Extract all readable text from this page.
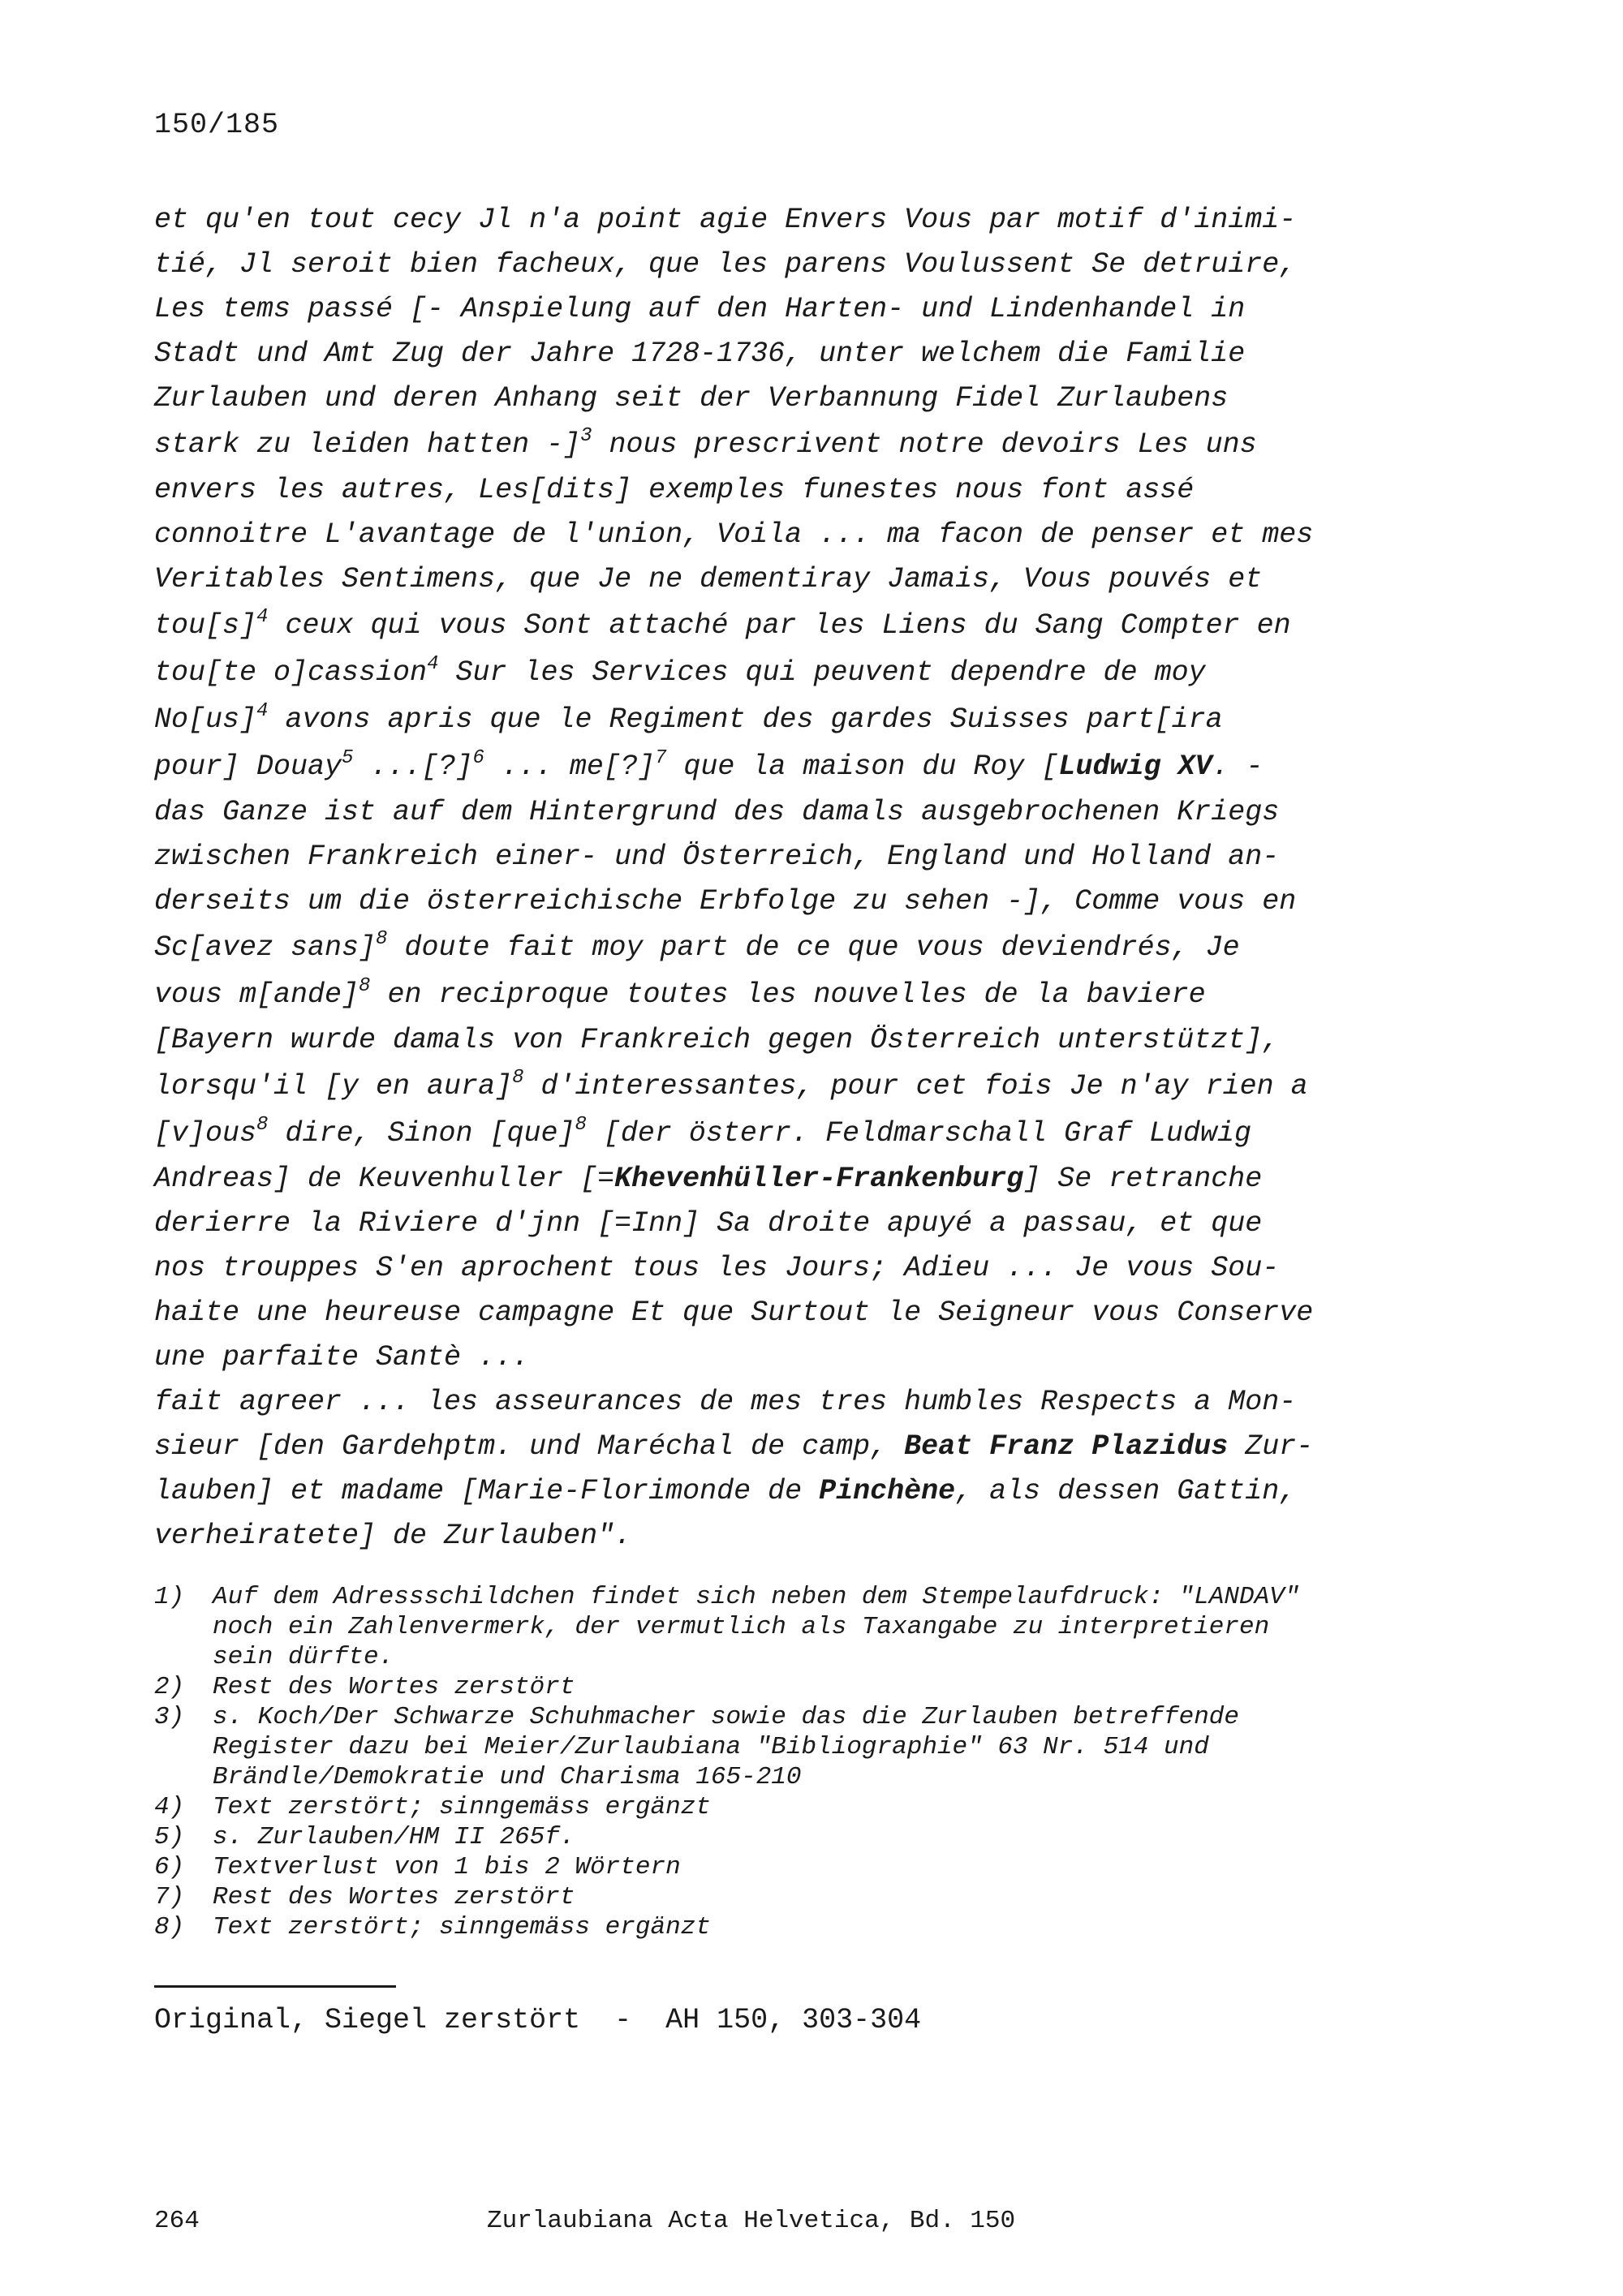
150/185
et qu'en tout cecy Jl n'a point agie Envers Vous par motif d'inimi-
tié, Jl seroit bien facheux, que les parens Voulussent Se detruire,
Les tems passé [- Anspielung auf den Harten- und Lindenhandel in
Stadt und Amt Zug der Jahre 1728-1736, unter welchem die Familie
Zurlauben und deren Anhang seit der Verbannung Fidel Zurlaubens
stark zu leiden hatten -]$^3$ nous prescrivent notre devoirs Les uns
envers les autres, Les[dits] exemples funestes nous font assé
connoitre L'avantage de l'union, Voila ... ma facon de penser et mes
Veritables Sentimens, que Je ne dementiray Jamais, Vous pouvés et
$tou[s]^4$ ceux qui vous Sont attaché par les Liens du Sang Compter en
tou[te o]cassion$^4$ Sur les Services qui peuvent dependre de moy
No[us]$^4$ avons apris que le Regiment des gardes Suisses part[ira
pour] Douay$^5$ ...[?]$^6$ ... me[?]$^7$ que la maison du Roy [Ludwig XV. -
das Ganze ist auf dem Hintergrund des damals ausgebrochenen Kriegs
zwischen Frankreich einer- und Österreich, England und Holland an-
derseits um die österreichische Erbfolge zu sehen -], Comme vous en
Sc[avez sans]$^8$ doute fait moy part de ce que vous deviendrés, Je
vous m[ande]$^8$ en reciproque toutes les nouvelles de la baviere
[Bayern wurde damals von Frankreich gegen Österreich unterstützt],
lorsqu'il [y en aura]$^8$ d'interessantes, pour cet fois Je n'ay rien a
[v]ous$^8$ dire, Sinon [que]$^8$ [der österr. Feldmarschall Graf Ludwig
Andreas] de Keuvenhuller [=Khevenhüller-Frankenburg] Se retranche
derierre la Riviere d'jnn [=Inn] Sa droite apuyé a passau, et que
nos trouppes S'en aprochent tous les Jours; Adieu ... Je vous Sou-
haite une heureuse campagne Et que Surtout le Seigneur vous Conserve
une parfaite Santè ...
fait agreer ... les asseurances de mes tres humbles Respects a Mon-
sieur [den Gardehptm. und Maréchal de camp, Beat Franz Plazidus Zur-
lauben] et madame [Marie-Florimonde de Pinchène, als dessen Gattin,
verheiratete] de Zurlauben".
1) Auf dem Adressschildchen findet sich neben dem Stempelaufdruck: "LANDAV"
noch ein Zahlenvermerk, der vermutlich als Taxangabe zu interpretieren
sein dürfte.
2) Rest des Wortes zerstört
3) s. Koch/Der Schwarze Schuhmacher sowie das die Zurlauben betreffende
Register dazu bei Meier/Zurlaubiana "Bibliographie" 63 Nr. 514 und
Brändle/Demokratie und Charisma 165-210
4) Text zerstört; sinngemäss ergänzt
5) s. Zurlauben/HM II 265f.
6) Textverlust von 1 bis 2 Wörtern
7) Rest des Wortes zerstört
8) Text zerstört; sinngemäss ergänzt
Original, Siegel zerstört  -  AH 150, 303-304
264	Zurlaubiana Acta Helvetica, Bd. 150
